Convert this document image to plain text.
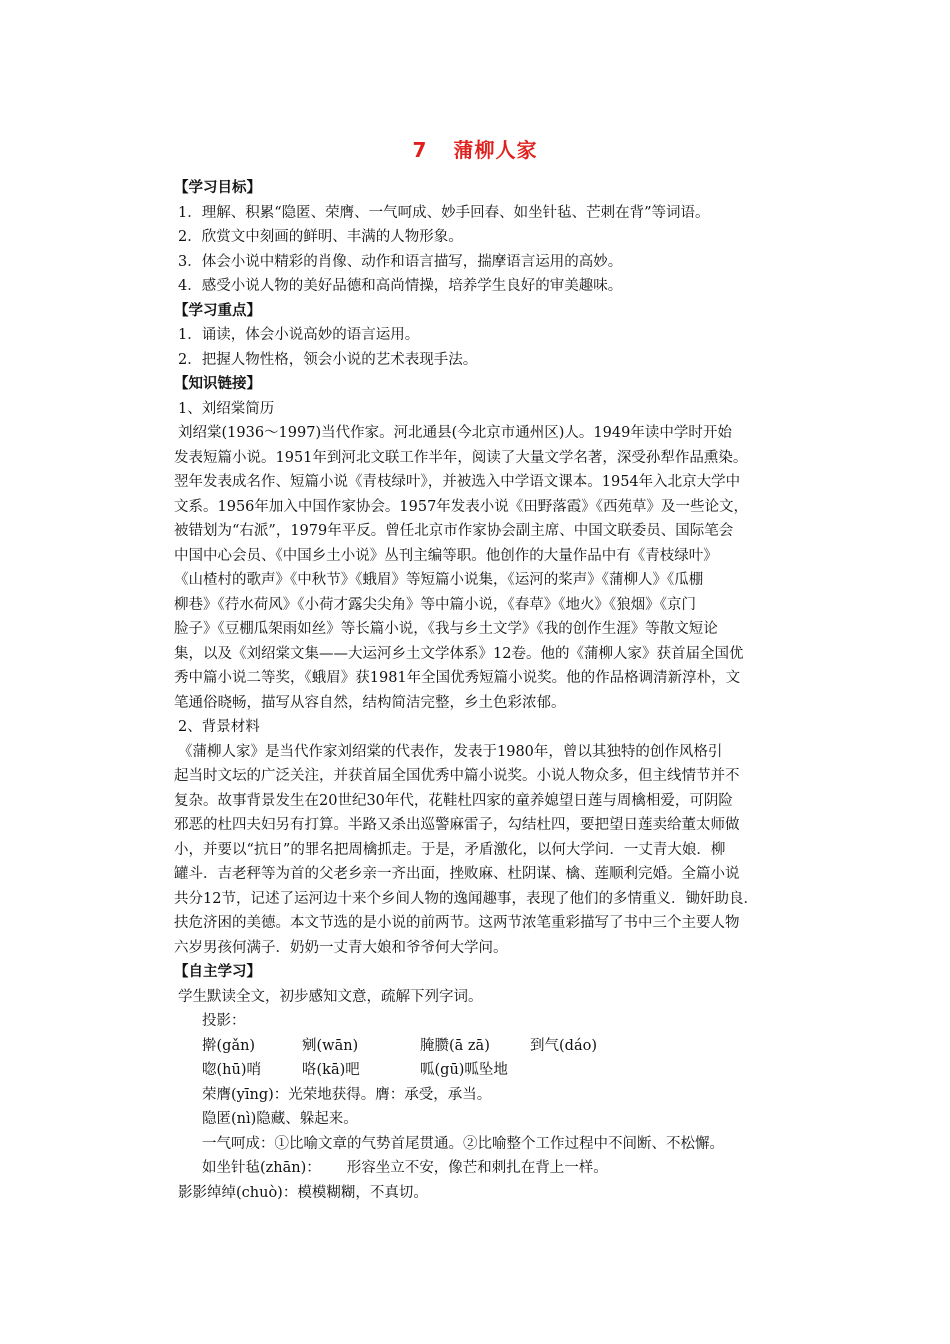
7 蒲柳人家
【学习目标】
1．理解、积累“隐匿、荣膺、一气呵成、妙手回春、如坐针毡、芒刺在背”等词语。
2．欣赏文中刻画的鲜明、丰满的人物形象。
3．体会小说中精彩的肖像、动作和语言描写，揣摩语言运用的高妙。
4．感受小说人物的美好品德和高尚情操，培养学生良好的审美趣味。
【学习重点】
1．诵读，体会小说高妙的语言运用。
2．把握人物性格，领会小说的艺术表现手法。
【知识链接】
1、刘绍棠简历
刘绍棠(1936～1997)当代作家。河北通县(今北京市通州区)人。1949年读中学时开始
发表短篇小说。1951年到河北文联工作半年，阅读了大量文学名著，深受孙犁作品熏染。
翌年发表成名作、短篇小说《青枝绿叶》，并被选入中学语文课本。1954年入北京大学中
文系。1956年加入中国作家协会。1957年发表小说《田野落霞》《西苑草》及一些论文，
被错划为“右派”，1979年平反。曾任北京市作家协会副主席、中国文联委员、国际笔会
中国中心会员、《中国乡土小说》丛刊主编等职。他创作的大量作品中有《青枝绿叶》
《山楂村的歌声》《中秋节》《蛾眉》等短篇小说集，《运河的桨声》《蒲柳人》《瓜棚
柳巷》《荇水荷风》《小荷才露尖尖角》等中篇小说，《春草》《地火》《狼烟》《京门
脸子》《豆棚瓜架雨如丝》等长篇小说，《我与乡土文学》《我的创作生涯》等散文短论
集，以及《刘绍棠文集——大运河乡土文学体系》12卷。他的《蒲柳人家》获首届全国优
秀中篇小说二等奖，《蛾眉》获1981年全国优秀短篇小说奖。他的作品格调清新淳朴，文
笔通俗晓畅，描写从容自然，结构简洁完整，乡土色彩浓郁。
2、背景材料
《蒲柳人家》是当代作家刘绍棠的代表作，发表于1980年，曾以其独特的创作风格引
起当时文坛的广泛关注，并获首届全国优秀中篇小说奖。小说人物众多，但主线情节并不
复杂。故事背景发生在20世纪30年代，花鞋杜四家的童养媳望日莲与周檎相爱，可阴险
邪恶的杜四夫妇另有打算。半路又杀出巡警麻雷子，勾结杜四，要把望日莲卖给董太师做
小，并要以“抗日”的罪名把周檎抓走。于是，矛盾激化，以何大学问．一丈青大娘．柳
罐斗．吉老秤等为首的父老乡亲一齐出面，挫败麻、杜阴谋、檎、莲顺利完婚。全篇小说
共分12节，记述了运河边十来个乡间人物的逸闻趣事，表现了他们的多情重义．锄奸助良．
扶危济困的美德。本文节选的是小说的前两节。这两节浓笔重彩描写了书中三个主要人物
六岁男孩何满子．奶奶一丈青大娘和爷爷何大学问。
【自主学习】
学生默读全文，初步感知文意，疏解下列字词。
投影：
擀(gǎn)	剜(wān)	腌臜(ā zā)	到气(dáo)
唿(hū)哨	咯(kā)吧	呱(gū)呱坠地
荣膺(yīng)：光荣地获得。膺：承受，承当。
隐匿(nì)隐藏、躲起来。
一气呵成：①比喻文章的气势首尾贯通。②比喻整个工作过程中不间断、不松懈。
如坐针毡(zhān)： 形容坐立不安，像芒和刺扎在背上一样。
影影绰绰(chuò)：模模糊糊，不真切。
